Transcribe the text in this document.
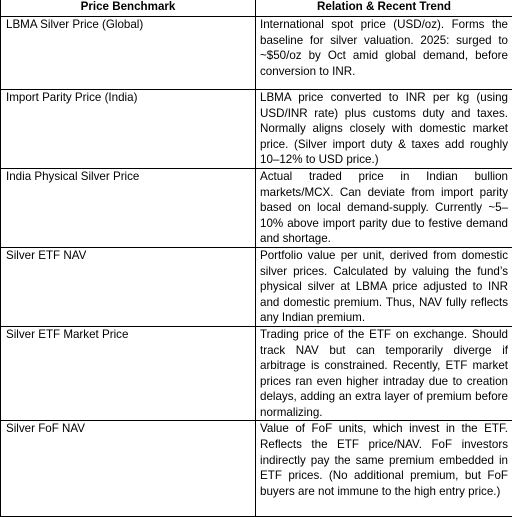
Price Benchmark	Relation & Recent Trend
LBMA Silver Price (Global)	International spot price (USD/oz). Forms the baseline for silver valuation. 2025: surged to ~$50/oz by Oct amid global demand, before conversion to INR.
Import Parity Price (India)	LBMA price converted to INR per kg (using USD/INR rate) plus customs duty and taxes. Normally aligns closely with domestic market price. (Silver import duty & taxes add roughly 10–12% to USD price.)
India Physical Silver Price	Actual traded price in Indian bullion markets/MCX. Can deviate from import parity based on local demand-supply. Currently ~5–10% above import parity due to festive demand and shortage.
Silver ETF NAV	Portfolio value per unit, derived from domestic silver prices. Calculated by valuing the fund’s physical silver at LBMA price adjusted to INR and domestic premium. Thus, NAV fully reflects any Indian premium.
Silver ETF Market Price	Trading price of the ETF on exchange. Should track NAV but can temporarily diverge if arbitrage is constrained. Recently, ETF market prices ran even higher intraday due to creation delays, adding an extra layer of premium before normalizing.
Silver FoF NAV	Value of FoF units, which invest in the ETF. Reflects the ETF price/NAV. FoF investors indirectly pay the same premium embedded in ETF prices. (No additional premium, but FoF buyers are not immune to the high entry price.)
